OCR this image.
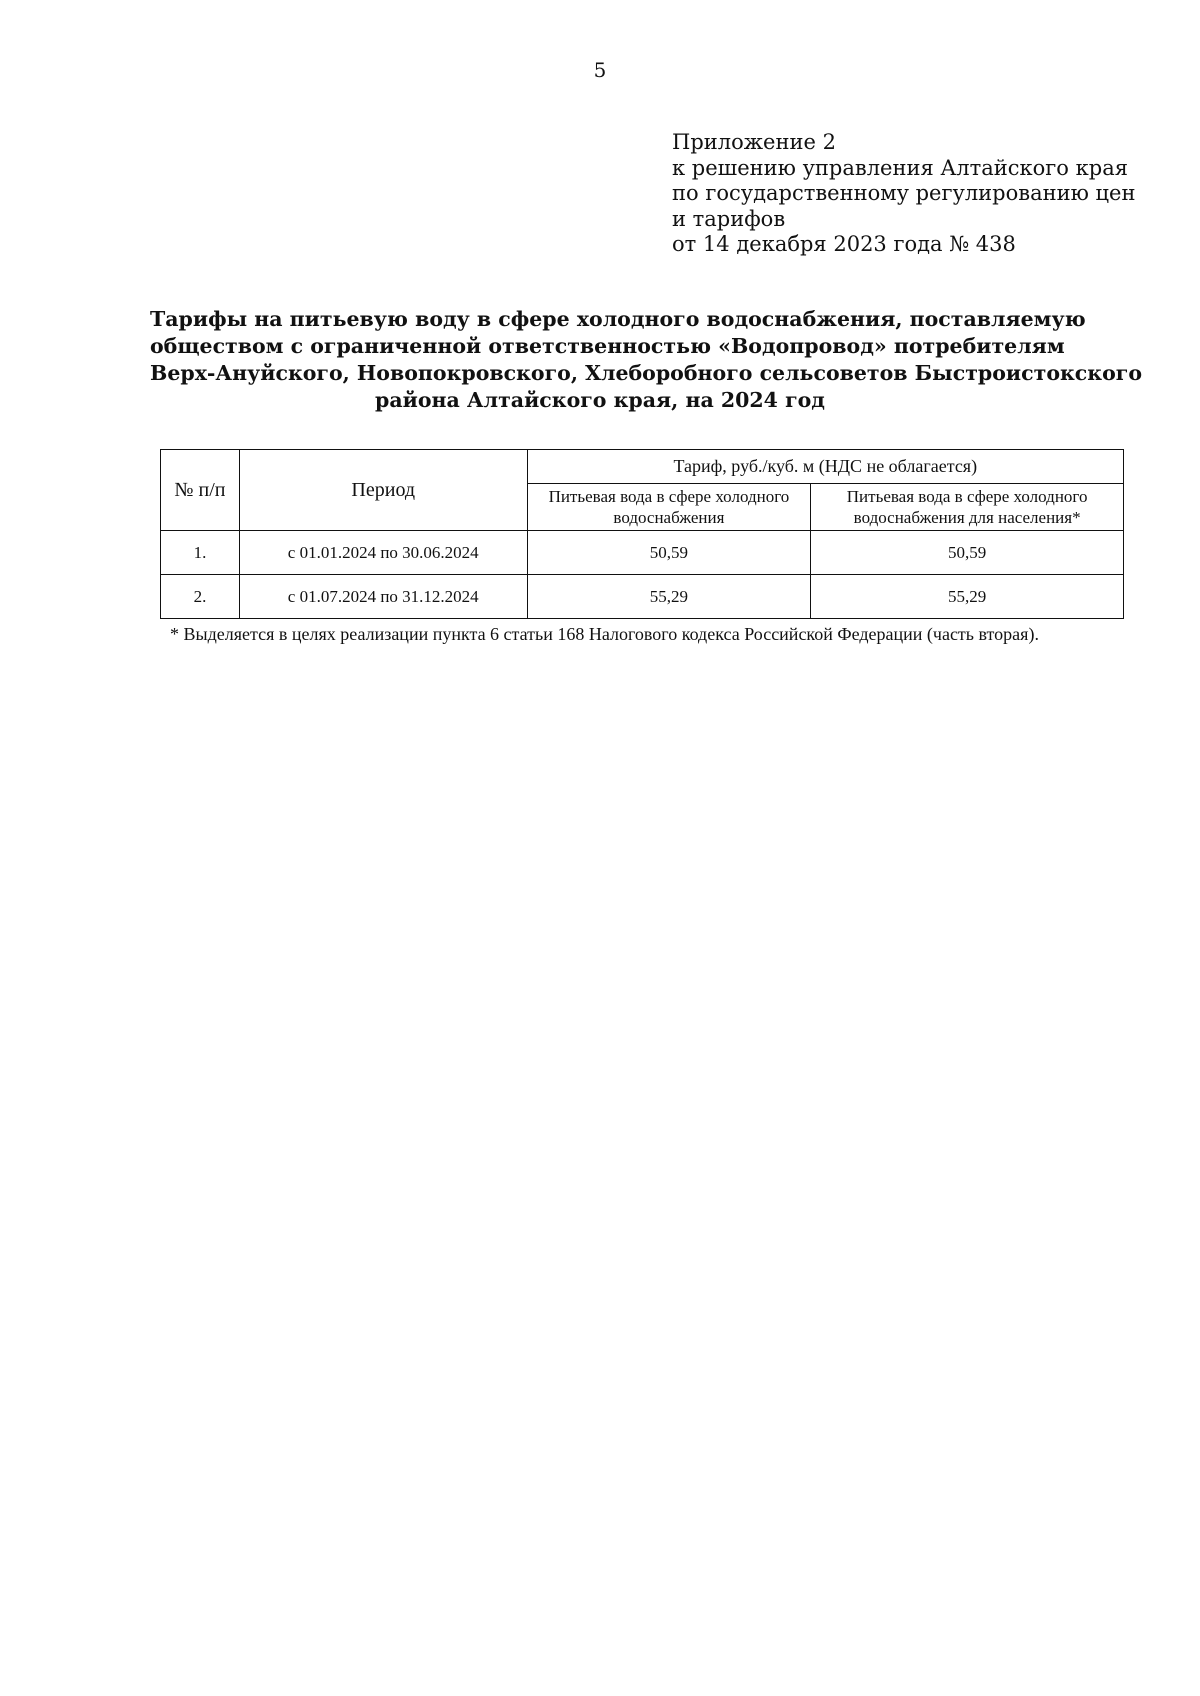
5
Приложение 2
к решению управления Алтайского края
по государственному регулированию цен
и тарифов
от 14 декабря 2023 года № 438
Тарифы на питьевую воду в сфере холодного водоснабжения, поставляемую
обществом с ограниченной ответственностью «Водопровод» потребителям
Верх-Ануйского, Новопокровского, Хлеборобного сельсоветов Быстроистокского
района Алтайского края, на 2024 год
№ п/п	Период	Тариф, руб./куб. м (НДС не облагается)	
		Питьевая вода в сфере холодного водоснабжения	Питьевая вода в сфере холодного водоснабжения для населения*
1.	с 01.01.2024 по 30.06.2024	50,59	50,59
2.	с 01.07.2024 по 31.12.2024	55,29	55,29
* Выделяется в целях реализации пункта 6 статьи 168 Налогового кодекса Российской Федерации (часть вторая).
